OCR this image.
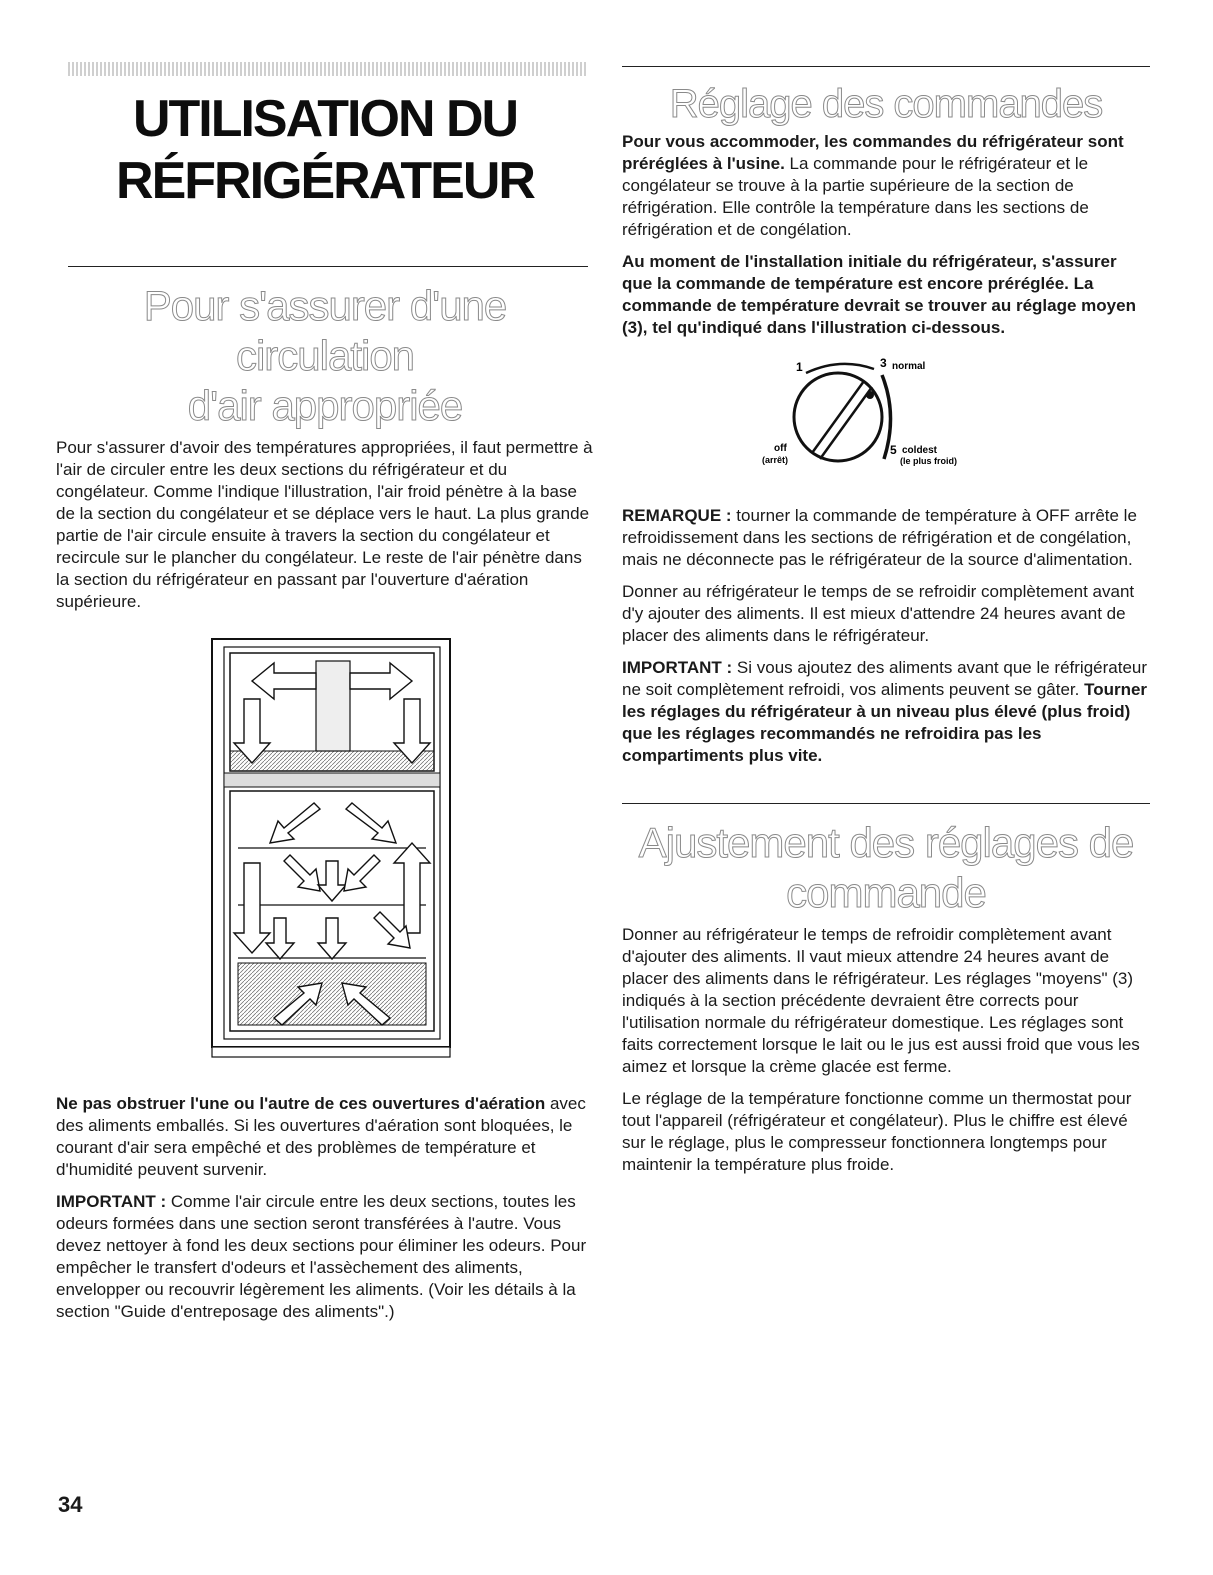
UTILISATION DU
RÉFRIGÉRATEUR
Pour s'assurer d'une circulation
d'air appropriée

Pour s'assurer d'avoir des températures appropriées, il faut permettre à l'air de circuler entre les deux sections du réfrigérateur et du congélateur. Comme l'indique l'illustration, l'air froid pénètre à la base de la section du congélateur et se déplace vers le haut. La plus grande partie de l'air circule ensuite à travers la section du congélateur et recircule sur le plancher du congélateur. Le reste de l'air pénètre dans la section du réfrigérateur en passant par l'ouverture d'aération supérieure.

Ne pas obstruer l'une ou l'autre de ces ouvertures d'aération avec des aliments emballés. Si les ouvertures d'aération sont bloquées, le courant d'air sera empêché et des problèmes de température et d'humidité peuvent survenir.

IMPORTANT : Comme l'air circule entre les deux sections, toutes les odeurs formées dans une section seront transférées à l'autre. Vous devez nettoyer à fond les deux sections pour éliminer les odeurs. Pour empêcher le transfert d'odeurs et l'assèchement des aliments, envelopper ou recouvrir légèrement les aliments. (Voir les détails à la section "Guide d'entreposage des aliments".)

Réglage des commandes

Pour vous accommoder, les commandes du réfrigérateur sont préréglées à l'usine. La commande pour le réfrigérateur et le congélateur se trouve à la partie supérieure de la section de réfrigération. Elle contrôle la température dans les sections de réfrigération et de congélation.

Au moment de l'installation initiale du réfrigérateur, s'assurer que la commande de température est encore préréglée. La commande de température devrait se trouver au réglage moyen (3), tel qu'indiqué dans l'illustration ci-dessous.

1	3 normal
off
(arrêt)
5 coldest
(le plus froid)

REMARQUE : tourner la commande de température à OFF arrête le refroidissement dans les sections de réfrigération et de congélation, mais ne déconnecte pas le réfrigérateur de la source d'alimentation.

Donner au réfrigérateur le temps de se refroidir complètement avant d'y ajouter des aliments. Il est mieux d'attendre 24 heures avant de placer des aliments dans le réfrigérateur.

IMPORTANT : Si vous ajoutez des aliments avant que le réfrigérateur ne soit complètement refroidi, vos aliments peuvent se gâter. Tourner les réglages du réfrigérateur à un niveau plus élevé (plus froid) que les réglages recommandés ne refroidira pas les compartiments plus vite.

Ajustement des réglages de
commande

Donner au réfrigérateur le temps de refroidir complètement avant d'ajouter des aliments. Il vaut mieux attendre 24 heures avant de placer des aliments dans le réfrigérateur. Les réglages "moyens" (3) indiqués à la section précédente devraient être corrects pour l'utilisation normale du réfrigérateur domestique. Les réglages sont faits correctement lorsque le lait ou le jus est aussi froid que vous les aimez et lorsque la crème glacée est ferme.

Le réglage de la température fonctionne comme un thermostat pour tout l'appareil (réfrigérateur et congélateur). Plus le chiffre est élevé sur le réglage, plus le compresseur fonctionnera longtemps pour maintenir la température plus froide.

34
